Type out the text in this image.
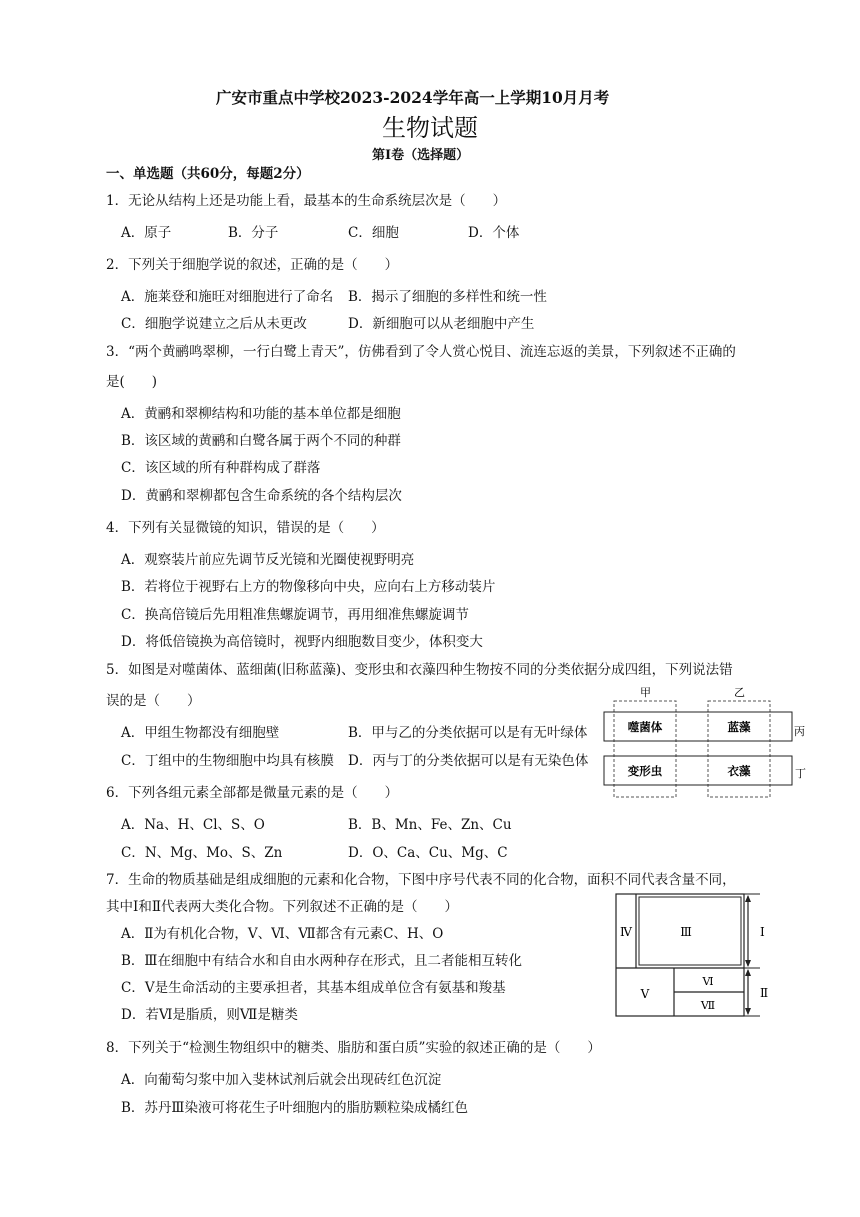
广安市重点中学校2023-2024学年高一上学期10月月考
生物试题
第Ⅰ卷（选择题）
一、单选题（共60分，每题2分）
1．无论从结构上还是功能上看，最基本的生命系统层次是（　　）
A．原子	B．分子	C．细胞	D．个体
2．下列关于细胞学说的叙述，正确的是（　　）
A．施莱登和施旺对细胞进行了命名 B．揭示了细胞的多样性和统一性
C．细胞学说建立之后从未更改	D．新细胞可以从老细胞中产生
3．“两个黄鹂鸣翠柳，一行白鹭上青天”，仿佛看到了令人赏心悦目、流连忘返的美景，下列叙述不正确的
是(　　)
A．黄鹂和翠柳结构和功能的基本单位都是细胞
B．该区域的黄鹂和白鹭各属于两个不同的种群
C．该区域的所有种群构成了群落
D．黄鹂和翠柳都包含生命系统的各个结构层次
4．下列有关显微镜的知识，错误的是（　　）
A．观察装片前应先调节反光镜和光圈使视野明亮
B．若将位于视野右上方的物像移向中央，应向右上方移动装片
C．换高倍镜后先用粗准焦螺旋调节，再用细准焦螺旋调节
D．将低倍镜换为高倍镜时，视野内细胞数目变少，体积变大
5．如图是对噬菌体、蓝细菌(旧称蓝藻)、变形虫和衣藻四种生物按不同的分类依据分成四组，下列说法错
误的是（　　）
A．甲组生物都没有细胞壁	B．甲与乙的分类依据可以是有无叶绿体
C．丁组中的生物细胞中均具有核膜 D．丙与丁的分类依据可以是有无染色体
甲	乙
噬菌体	蓝藻
变形虫	衣藻
丙
丁
6．下列各组元素全部都是微量元素的是（　　）
A．Na、H、Cl、S、O	B．B、Mn、Fe、Zn、Cu
C．N、Mg、Mo、S、Zn	D．O、Ca、Cu、Mg、C
7．生命的物质基础是组成细胞的元素和化合物，下图中序号代表不同的化合物，面积不同代表含量不同，
其中Ⅰ和Ⅱ代表两大类化合物。下列叙述不正确的是（　　）
A．Ⅱ为有机化合物，Ⅴ、Ⅵ、Ⅶ都含有元素C、H、O
B．Ⅲ在细胞中有结合水和自由水两种存在形式，且二者能相互转化
C．Ⅴ是生命活动的主要承担者，其基本组成单位含有氨基和羧基
D．若Ⅵ是脂质，则Ⅶ是糖类
Ⅳ	Ⅲ
Ⅴ
Ⅵ
Ⅶ
Ⅰ
Ⅱ
8．下列关于“检测生物组织中的糖类、脂肪和蛋白质”实验的叙述正确的是（　　）
A．向葡萄匀浆中加入斐林试剂后就会出现砖红色沉淀
B．苏丹Ⅲ染液可将花生子叶细胞内的脂肪颗粒染成橘红色
